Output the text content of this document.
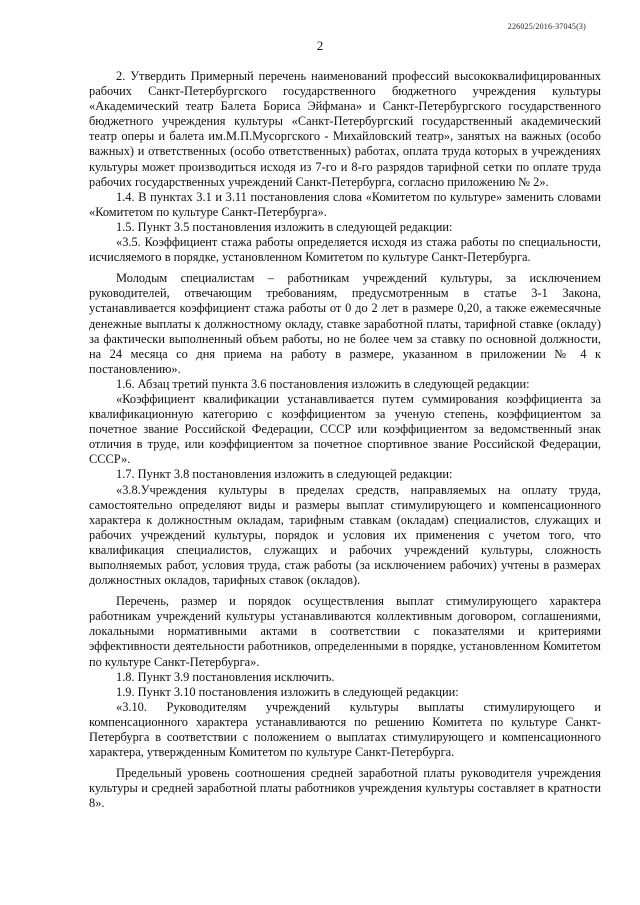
226025/2016-37045(3)
2

2. Утвердить Примерный перечень наименований профессий высококвалифицированных рабочих Санкт-Петербургского государственного бюджетного учреждения культуры «Академический театр Балета Бориса Эйфмана» и Санкт-Петербургского государственного бюджетного учреждения культуры «Санкт-Петербургский государственный академический театр оперы и балета им.М.П.Мусоргского - Михайловский театр», занятых на важных (особо важных) и ответственных (особо ответственных) работах, оплата труда которых в учреждениях культуры может производиться исходя из 7-го и 8-го разрядов тарифной сетки по оплате труда рабочих государственных учреждений Санкт-Петербурга, согласно приложению № 2».

1.4. В пунктах 3.1 и 3.11 постановления слова «Комитетом по культуре» заменить словами «Комитетом по культуре Санкт-Петербурга».

1.5. Пункт 3.5 постановления изложить в следующей редакции:

«3.5. Коэффициент стажа работы определяется исходя из стажа работы по специальности, исчисляемого в порядке, установленном Комитетом по культуре Санкт-Петербурга.

Молодым специалистам – работникам учреждений культуры, за исключением руководителей, отвечающим требованиям, предусмотренным в статье 3-1 Закона, устанавливается коэффициент стажа работы от 0 до 2 лет в размере 0,20, а также ежемесячные денежные выплаты к должностному окладу, ставке заработной платы, тарифной ставке (окладу) за фактически выполненный объем работы, но не более чем за ставку по основной должности, на 24 месяца со дня приема на работу в размере, указанном в приложении № 4 к постановлению».

1.6. Абзац третий пункта 3.6 постановления изложить в следующей редакции:

«Коэффициент квалификации устанавливается путем суммирования коэффициента за квалификационную категорию с коэффициентом за ученую степень, коэффициентом за почетное звание Российской Федерации, СССР или коэффициентом за ведомственный знак отличия в труде, или коэффициентом за почетное спортивное звание Российской Федерации, СССР».

1.7. Пункт 3.8 постановления изложить в следующей редакции:

«3.8.Учреждения культуры в пределах средств, направляемых на оплату труда, самостоятельно определяют виды и размеры выплат стимулирующего и компенсационного характера к должностным окладам, тарифным ставкам (окладам) специалистов, служащих и рабочих учреждений культуры, порядок и условия их применения с учетом того, что квалификация специалистов, служащих и рабочих учреждений культуры, сложность выполняемых работ, условия труда, стаж работы (за исключением рабочих) учтены в размерах должностных окладов, тарифных ставок (окладов).

Перечень, размер и порядок осуществления выплат стимулирующего характера работникам учреждений культуры устанавливаются коллективным договором, соглашениями, локальными нормативными актами в соответствии с показателями и критериями эффективности деятельности работников, определенными в порядке, установленном Комитетом по культуре Санкт-Петербурга».

1.8. Пункт 3.9 постановления исключить.

1.9. Пункт 3.10 постановления изложить в следующей редакции:

«3.10. Руководителям учреждений культуры выплаты стимулирующего и компенсационного характера устанавливаются по решению Комитета по культуре Санкт-Петербурга в соответствии с положением о выплатах стимулирующего и компенсационного характера, утвержденным Комитетом по культуре Санкт-Петербурга.

Предельный уровень соотношения средней заработной платы руководителя учреждения культуры и средней заработной платы работников учреждения культуры составляет в кратности 8».
